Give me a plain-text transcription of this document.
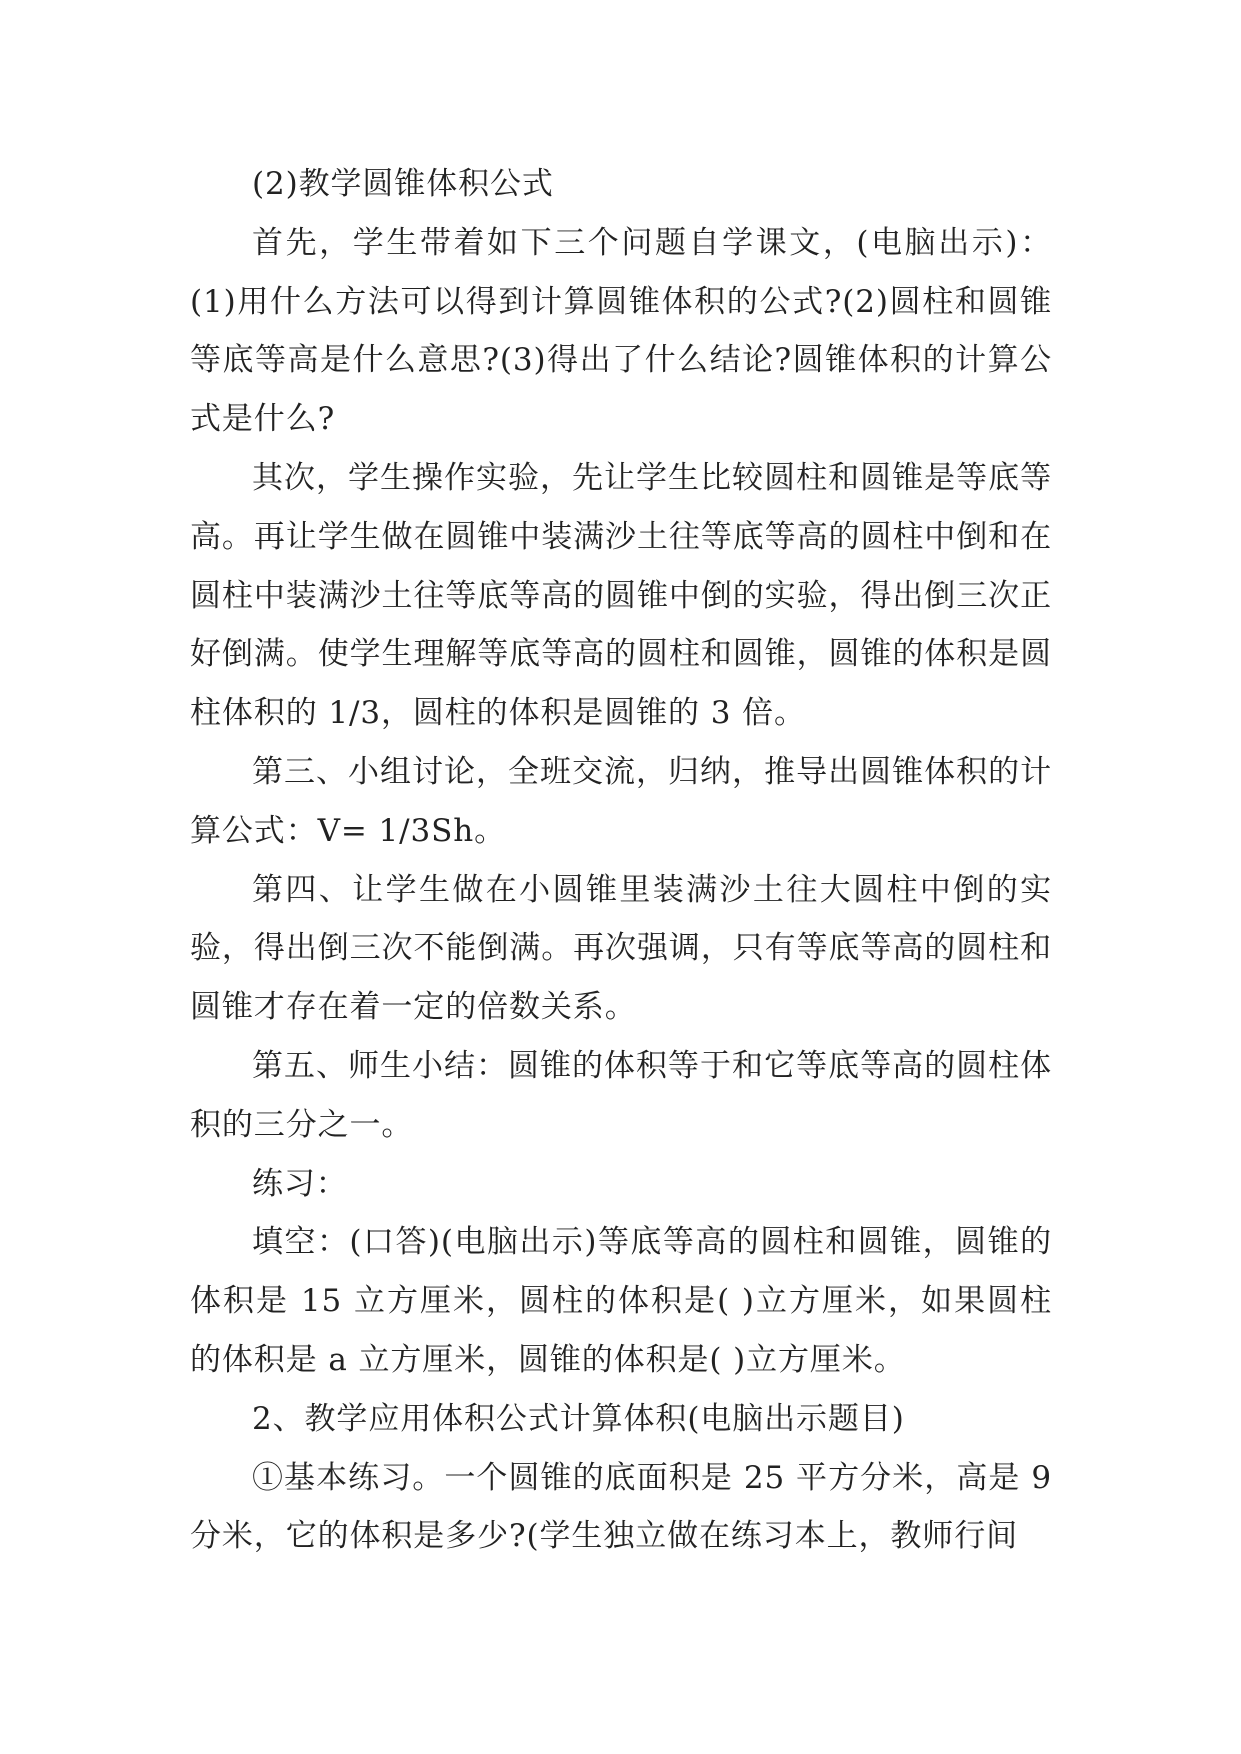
(2)教学圆锥体积公式

首先，学生带着如下三个问题自学课文，(电脑出示)：(1)用什么方法可以得到计算圆锥体积的公式?(2)圆柱和圆锥等底等高是什么意思?(3)得出了什么结论?圆锥体积的计算公式是什么?

其次，学生操作实验，先让学生比较圆柱和圆锥是等底等高。再让学生做在圆锥中装满沙土往等底等高的圆柱中倒和在圆柱中装满沙土往等底等高的圆锥中倒的实验，得出倒三次正好倒满。使学生理解等底等高的圆柱和圆锥，圆锥的体积是圆柱体积的 1/3，圆柱的体积是圆锥的 3 倍。

第三、小组讨论，全班交流，归纳，推导出圆锥体积的计算公式：V= 1/3Sh。

第四、让学生做在小圆锥里装满沙土往大圆柱中倒的实验，得出倒三次不能倒满。再次强调，只有等底等高的圆柱和圆锥才存在着一定的倍数关系。

第五、师生小结：圆锥的体积等于和它等底等高的圆柱体积的三分之一。

练习：

填空：(口答)(电脑出示)等底等高的圆柱和圆锥，圆锥的体积是 15 立方厘米，圆柱的体积是( )立方厘米，如果圆柱的体积是 a 立方厘米，圆锥的体积是( )立方厘米。

2、教学应用体积公式计算体积(电脑出示题目)

①基本练习。一个圆锥的底面积是 25 平方分米，高是 9 分米，它的体积是多少?(学生独立做在练习本上，教师行间
